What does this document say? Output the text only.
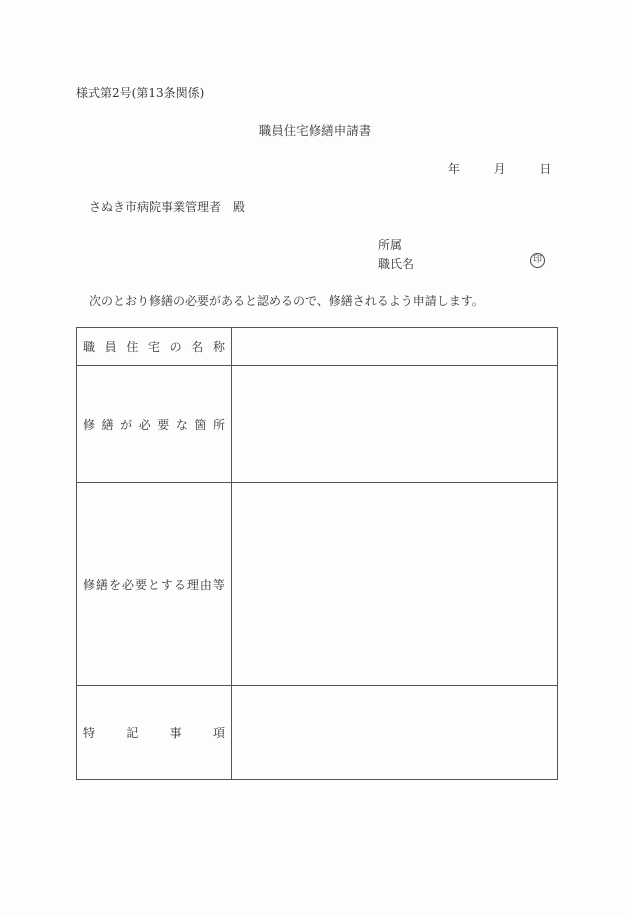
様式第2号(第13条関係)
職員住宅修繕申請書
年	月	日
さぬき市病院事業管理者　殿
所属
職氏名	印
次のとおり修繕の必要があると認めるので、修繕されるよう申請します。
職 員 住 宅 の 名 称

修 繕 が 必 要 な 箇 所

修 繕 を 必 要 と す る 理 由 等

特 記 事 項	
